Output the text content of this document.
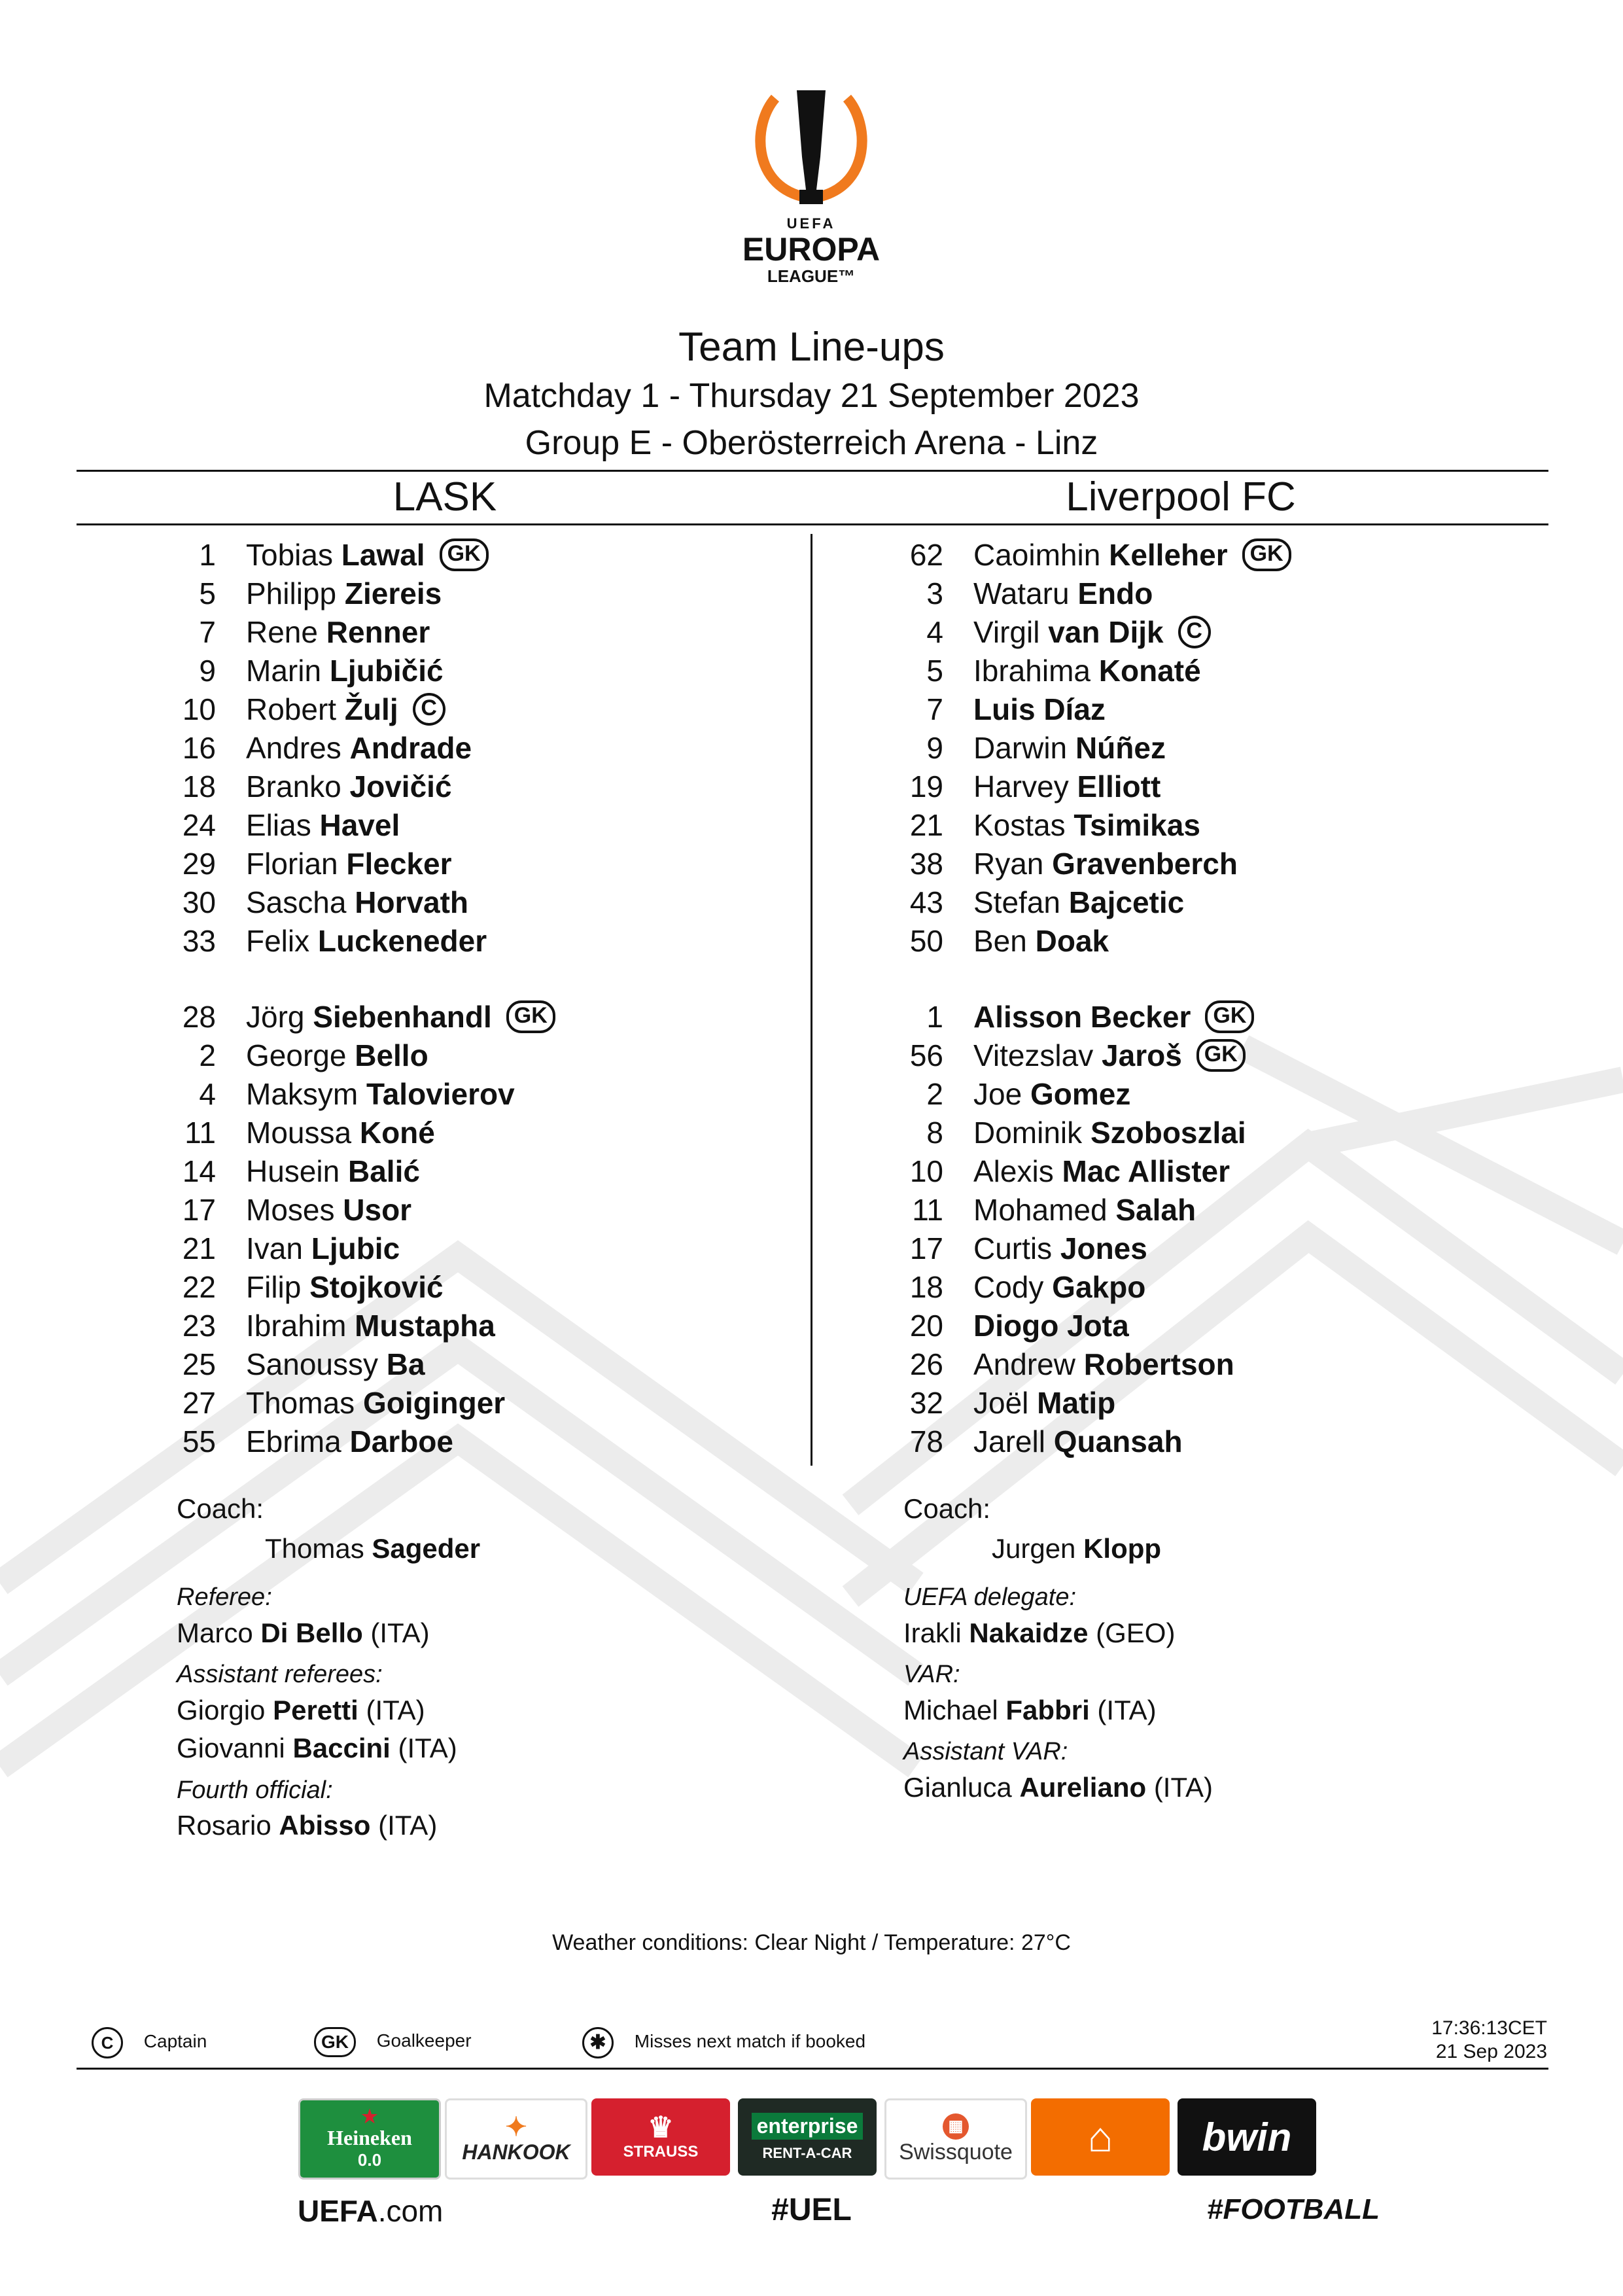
UEFA
EUROPA
LEAGUE™
Team Line-ups
Matchday 1 - Thursday 21 September 2023
Group E - Oberösterreich Arena - Linz
LASK	Liverpool FC
1 Tobias Lawal GK
5 Philipp Ziereis
7 Rene Renner
9 Marin Ljubičić
10 Robert Žulj C
16 Andres Andrade
18 Branko Jovičić
24 Elias Havel
29 Florian Flecker
30 Sascha Horvath
33 Felix Luckeneder
28 Jörg Siebenhandl GK
2 George Bello
4 Maksym Talovierov
11 Moussa Koné
14 Husein Balić
17 Moses Usor
21 Ivan Ljubic
22 Filip Stojković
23 Ibrahim Mustapha
25 Sanoussy Ba
27 Thomas Goiginger
55 Ebrima Darboe
62 Caoimhin Kelleher GK
3 Wataru Endo
4 Virgil van Dijk C
5 Ibrahima Konaté
7 Luis Díaz
9 Darwin Núñez
19 Harvey Elliott
21 Kostas Tsimikas
38 Ryan Gravenberch
43 Stefan Bajcetic
50 Ben Doak
1 Alisson Becker GK
56 Vitezslav Jaroš GK
2 Joe Gomez
8 Dominik Szoboszlai
10 Alexis Mac Allister
11 Mohamed Salah
17 Curtis Jones
18 Cody Gakpo
20 Diogo Jota
26 Andrew Robertson
32 Joël Matip
78 Jarell Quansah
Coach:
Thomas Sageder
Coach:
Jurgen Klopp
Referee:
Marco Di Bello (ITA)
Assistant referees:
Giorgio Peretti (ITA)
Giovanni Baccini (ITA)
Fourth official:
Rosario Abisso (ITA)
UEFA delegate:
Irakli Nakaidze (GEO)
VAR:
Michael Fabbri (ITA)
Assistant VAR:
Gianluca Aureliano (ITA)
Weather conditions: Clear Night / Temperature: 27°C
C Captain	GK Goalkeeper	✱ Misses next match if booked
17:36:13CET
21 Sep 2023
★
Heineken
0.0
✦
HANKOOK
♛
STRAUSS
enterprise
RENT-A-CAR
▦
Swissquote ⌂ bwin
UEFA.com	#UEL	#FOOTBALL
